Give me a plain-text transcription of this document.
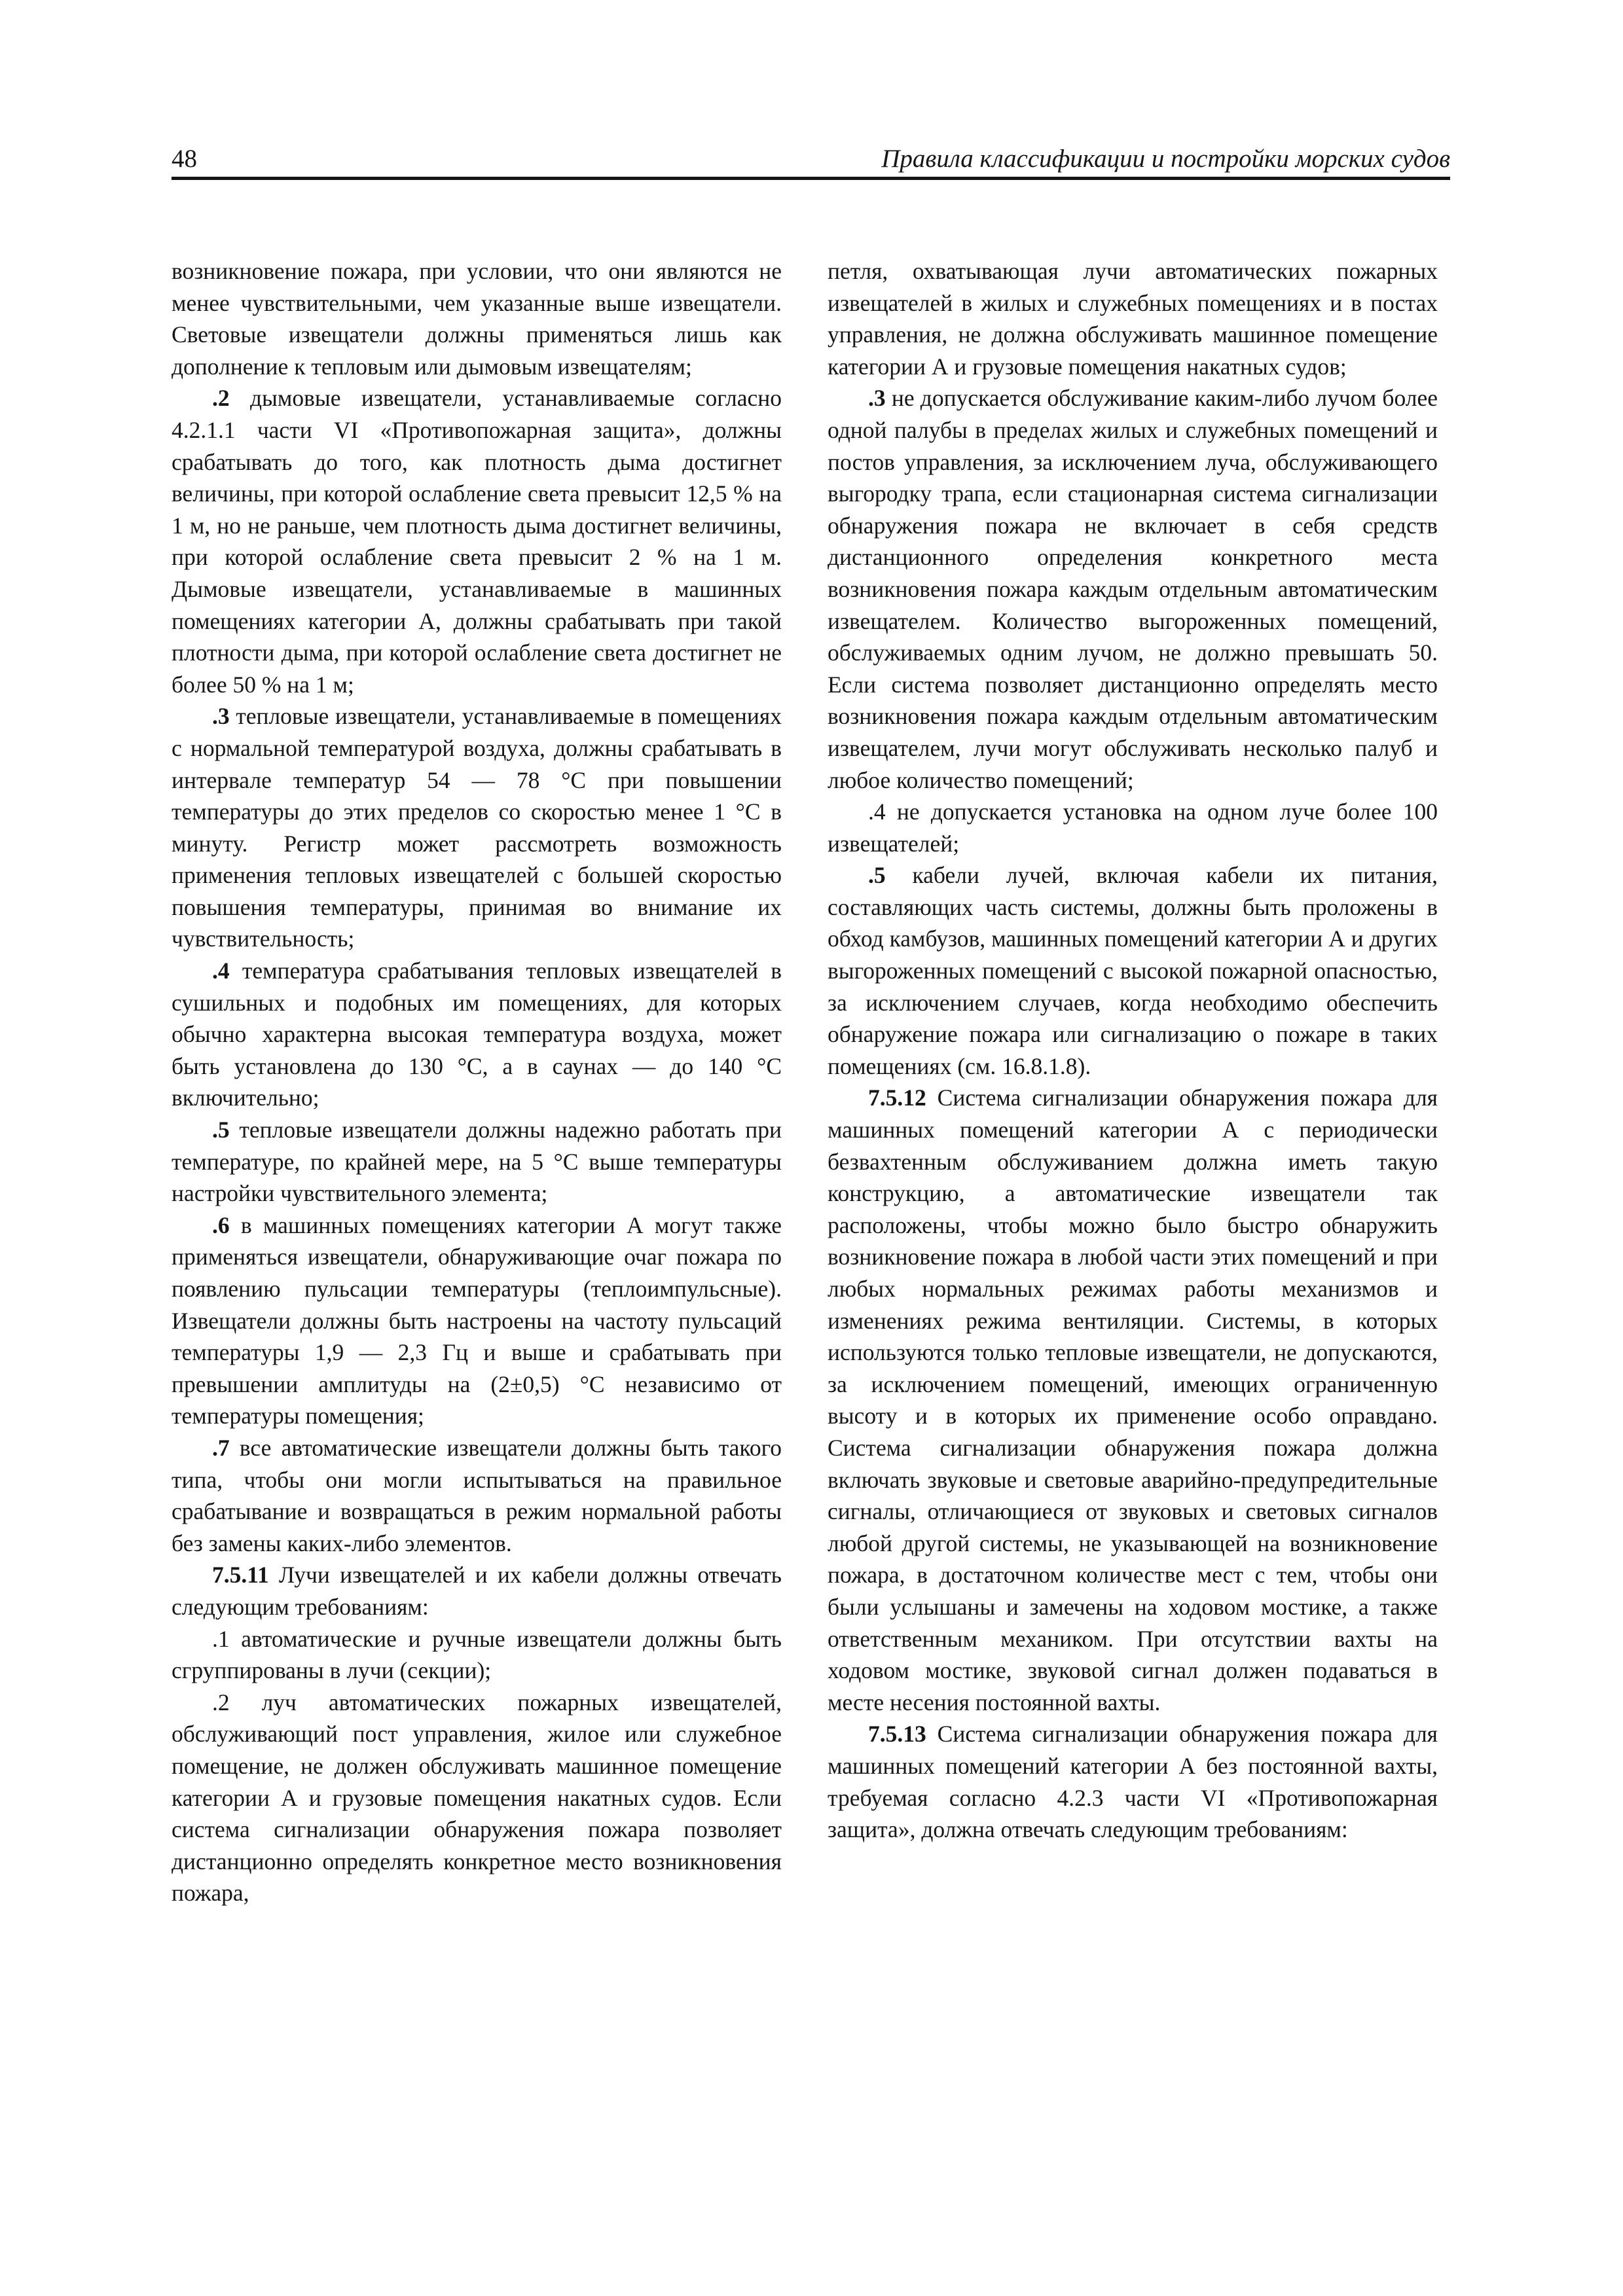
48	Правила классификации и постройки морских судов

возникновение пожара, при условии, что они являются не менее чувствительными, чем указанные выше извещатели. Световые извещатели должны применяться лишь как дополнение к тепловым или дымовым извещателям;

.2 дымовые извещатели, устанавливаемые согласно 4.2.1.1 части VI «Противопожарная защита», должны срабатывать до того, как плотность дыма достигнет величины, при которой ослабление света превысит 12,5 % на 1 м, но не раньше, чем плотность дыма достигнет величины, при которой ослабление света превысит 2 % на 1 м. Дымовые извещатели, устанавливаемые в машинных помещениях категории А, должны срабатывать при такой плотности дыма, при которой ослабление света достигнет не более 50 % на 1 м;

.3 тепловые извещатели, устанавливаемые в помещениях с нормальной температурой воздуха, должны срабатывать в интервале температур 54 — 78 °С при повышении температуры до этих пределов со скоростью менее 1 °С в минуту. Регистр может рассмотреть возможность применения тепловых извещателей с большей скоростью повышения температуры, принимая во внимание их чувствительность;

.4 температура срабатывания тепловых извещателей в сушильных и подобных им помещениях, для которых обычно характерна высокая температура воздуха, может быть установлена до 130 °С, а в саунах — до 140 °С включительно;

.5 тепловые извещатели должны надежно работать при температуре, по крайней мере, на 5 °С выше температуры настройки чувствительного элемента;

.6 в машинных помещениях категории А могут также применяться извещатели, обнаруживающие очаг пожара по появлению пульсации температуры (теплоимпульсные). Извещатели должны быть настроены на частоту пульсаций температуры 1,9 — 2,3 Гц и выше и срабатывать при превышении амплитуды на (2±0,5) °С независимо от температуры помещения;

.7 все автоматические извещатели должны быть такого типа, чтобы они могли испытываться на правильное срабатывание и возвращаться в режим нормальной работы без замены каких-либо элементов.

7.5.11 Лучи извещателей и их кабели должны отвечать следующим требованиям:

.1 автоматические и ручные извещатели должны быть сгруппированы в лучи (секции);

.2 луч автоматических пожарных извещателей, обслуживающий пост управления, жилое или служебное помещение, не должен обслуживать машинное помещение категории А и грузовые помещения накатных судов. Если система сигнализации обнаружения пожара позволяет дистанционно определять конкретное место возникновения пожара,

петля, охватывающая лучи автоматических пожарных извещателей в жилых и служебных помещениях и в постах управления, не должна обслуживать машинное помещение категории А и грузовые помещения накатных судов;

.3 не допускается обслуживание каким-либо лучом более одной палубы в пределах жилых и служебных помещений и постов управления, за исключением луча, обслуживающего выгородку трапа, если стационарная система сигнализации обнаружения пожара не включает в себя средств дистанционного определения конкретного места возникновения пожара каждым отдельным автоматическим извещателем. Количество выгороженных помещений, обслуживаемых одним лучом, не должно превышать 50. Если система позволяет дистанционно определять место возникновения пожара каждым отдельным автоматическим извещателем, лучи могут обслуживать несколько палуб и любое количество помещений;

.4 не допускается установка на одном луче более 100 извещателей;

.5 кабели лучей, включая кабели их питания, составляющих часть системы, должны быть проложены в обход камбузов, машинных помещений категории А и других выгороженных помещений с высокой пожарной опасностью, за исключением случаев, когда необходимо обеспечить обнаружение пожара или сигнализацию о пожаре в таких помещениях (см. 16.8.1.8).

7.5.12 Система сигнализации обнаружения пожара для машинных помещений категории А с периодически безвахтенным обслуживанием должна иметь такую конструкцию, а автоматические извещатели так расположены, чтобы можно было быстро обнаружить возникновение пожара в любой части этих помещений и при любых нормальных режимах работы механизмов и изменениях режима вентиляции. Системы, в которых используются только тепловые извещатели, не допускаются, за исключением помещений, имеющих ограниченную высоту и в которых их применение особо оправдано. Система сигнализации обнаружения пожара должна включать звуковые и световые аварийно-предупредительные сигналы, отличающиеся от звуковых и световых сигналов любой другой системы, не указывающей на возникновение пожара, в достаточном количестве мест с тем, чтобы они были услышаны и замечены на ходовом мостике, а также ответственным механиком. При отсутствии вахты на ходовом мостике, звуковой сигнал должен подаваться в месте несения постоянной вахты.

7.5.13 Система сигнализации обнаружения пожара для машинных помещений категории А без постоянной вахты, требуемая согласно 4.2.3 части VI «Противопожарная защита», должна отвечать следующим требованиям:
